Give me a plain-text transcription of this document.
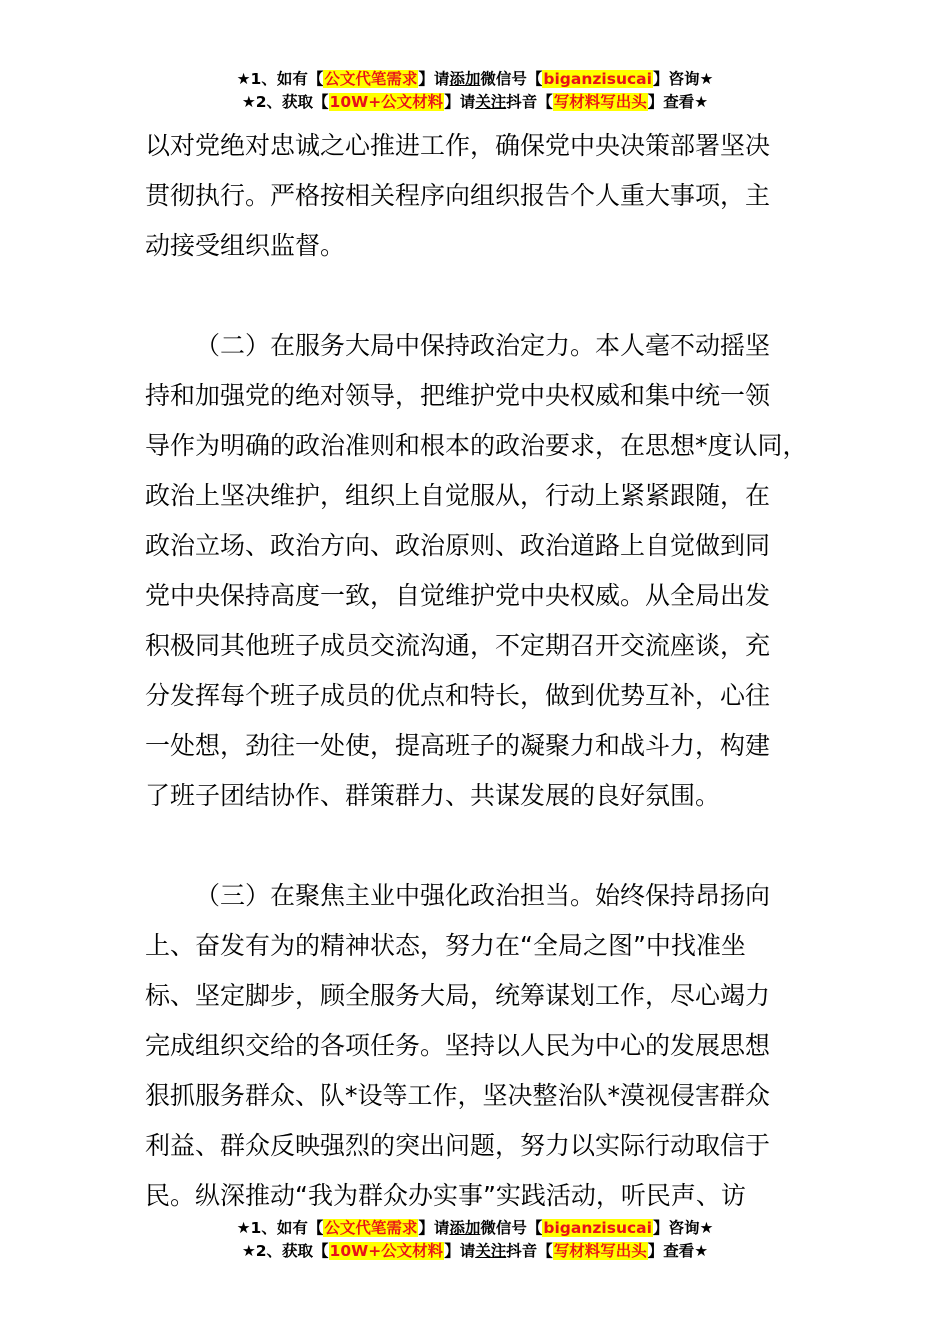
★1、如有【公文代笔需求】请添加微信号【biganzisucai】咨询★
★2、获取【10W+公文材料】请关注抖音【写材料写出头】查看★
以对党绝对忠诚之心推进工作，确保党中央决策部署坚决
贯彻执行。严格按相关程序向组织报告个人重大事项，主
动接受组织监督。
（二）在服务大局中保持政治定力。本人毫不动摇坚
持和加强党的绝对领导，把维护党中央权威和集中统一领
导作为明确的政治准则和根本的政治要求，在思想*度认同，
政治上坚决维护，组织上自觉服从，行动上紧紧跟随，在
政治立场、政治方向、政治原则、政治道路上自觉做到同
党中央保持高度一致，自觉维护党中央权威。从全局出发
积极同其他班子成员交流沟通，不定期召开交流座谈，充
分发挥每个班子成员的优点和特长，做到优势互补，心往
一处想，劲往一处使，提高班子的凝聚力和战斗力，构建
了班子团结协作、群策群力、共谋发展的良好氛围。
（三）在聚焦主业中强化政治担当。始终保持昂扬向
上、奋发有为的精神状态，努力在“全局之图”中找准坐
标、坚定脚步，顾全服务大局，统筹谋划工作，尽心竭力
完成组织交给的各项任务。坚持以人民为中心的发展思想
狠抓服务群众、队*设等工作，坚决整治队*漠视侵害群众
利益、群众反映强烈的突出问题，努力以实际行动取信于
民。纵深推动“我为群众办实事”实践活动，听民声、访
★1、如有【公文代笔需求】请添加微信号【biganzisucai】咨询★
★2、获取【10W+公文材料】请关注抖音【写材料写出头】查看★
